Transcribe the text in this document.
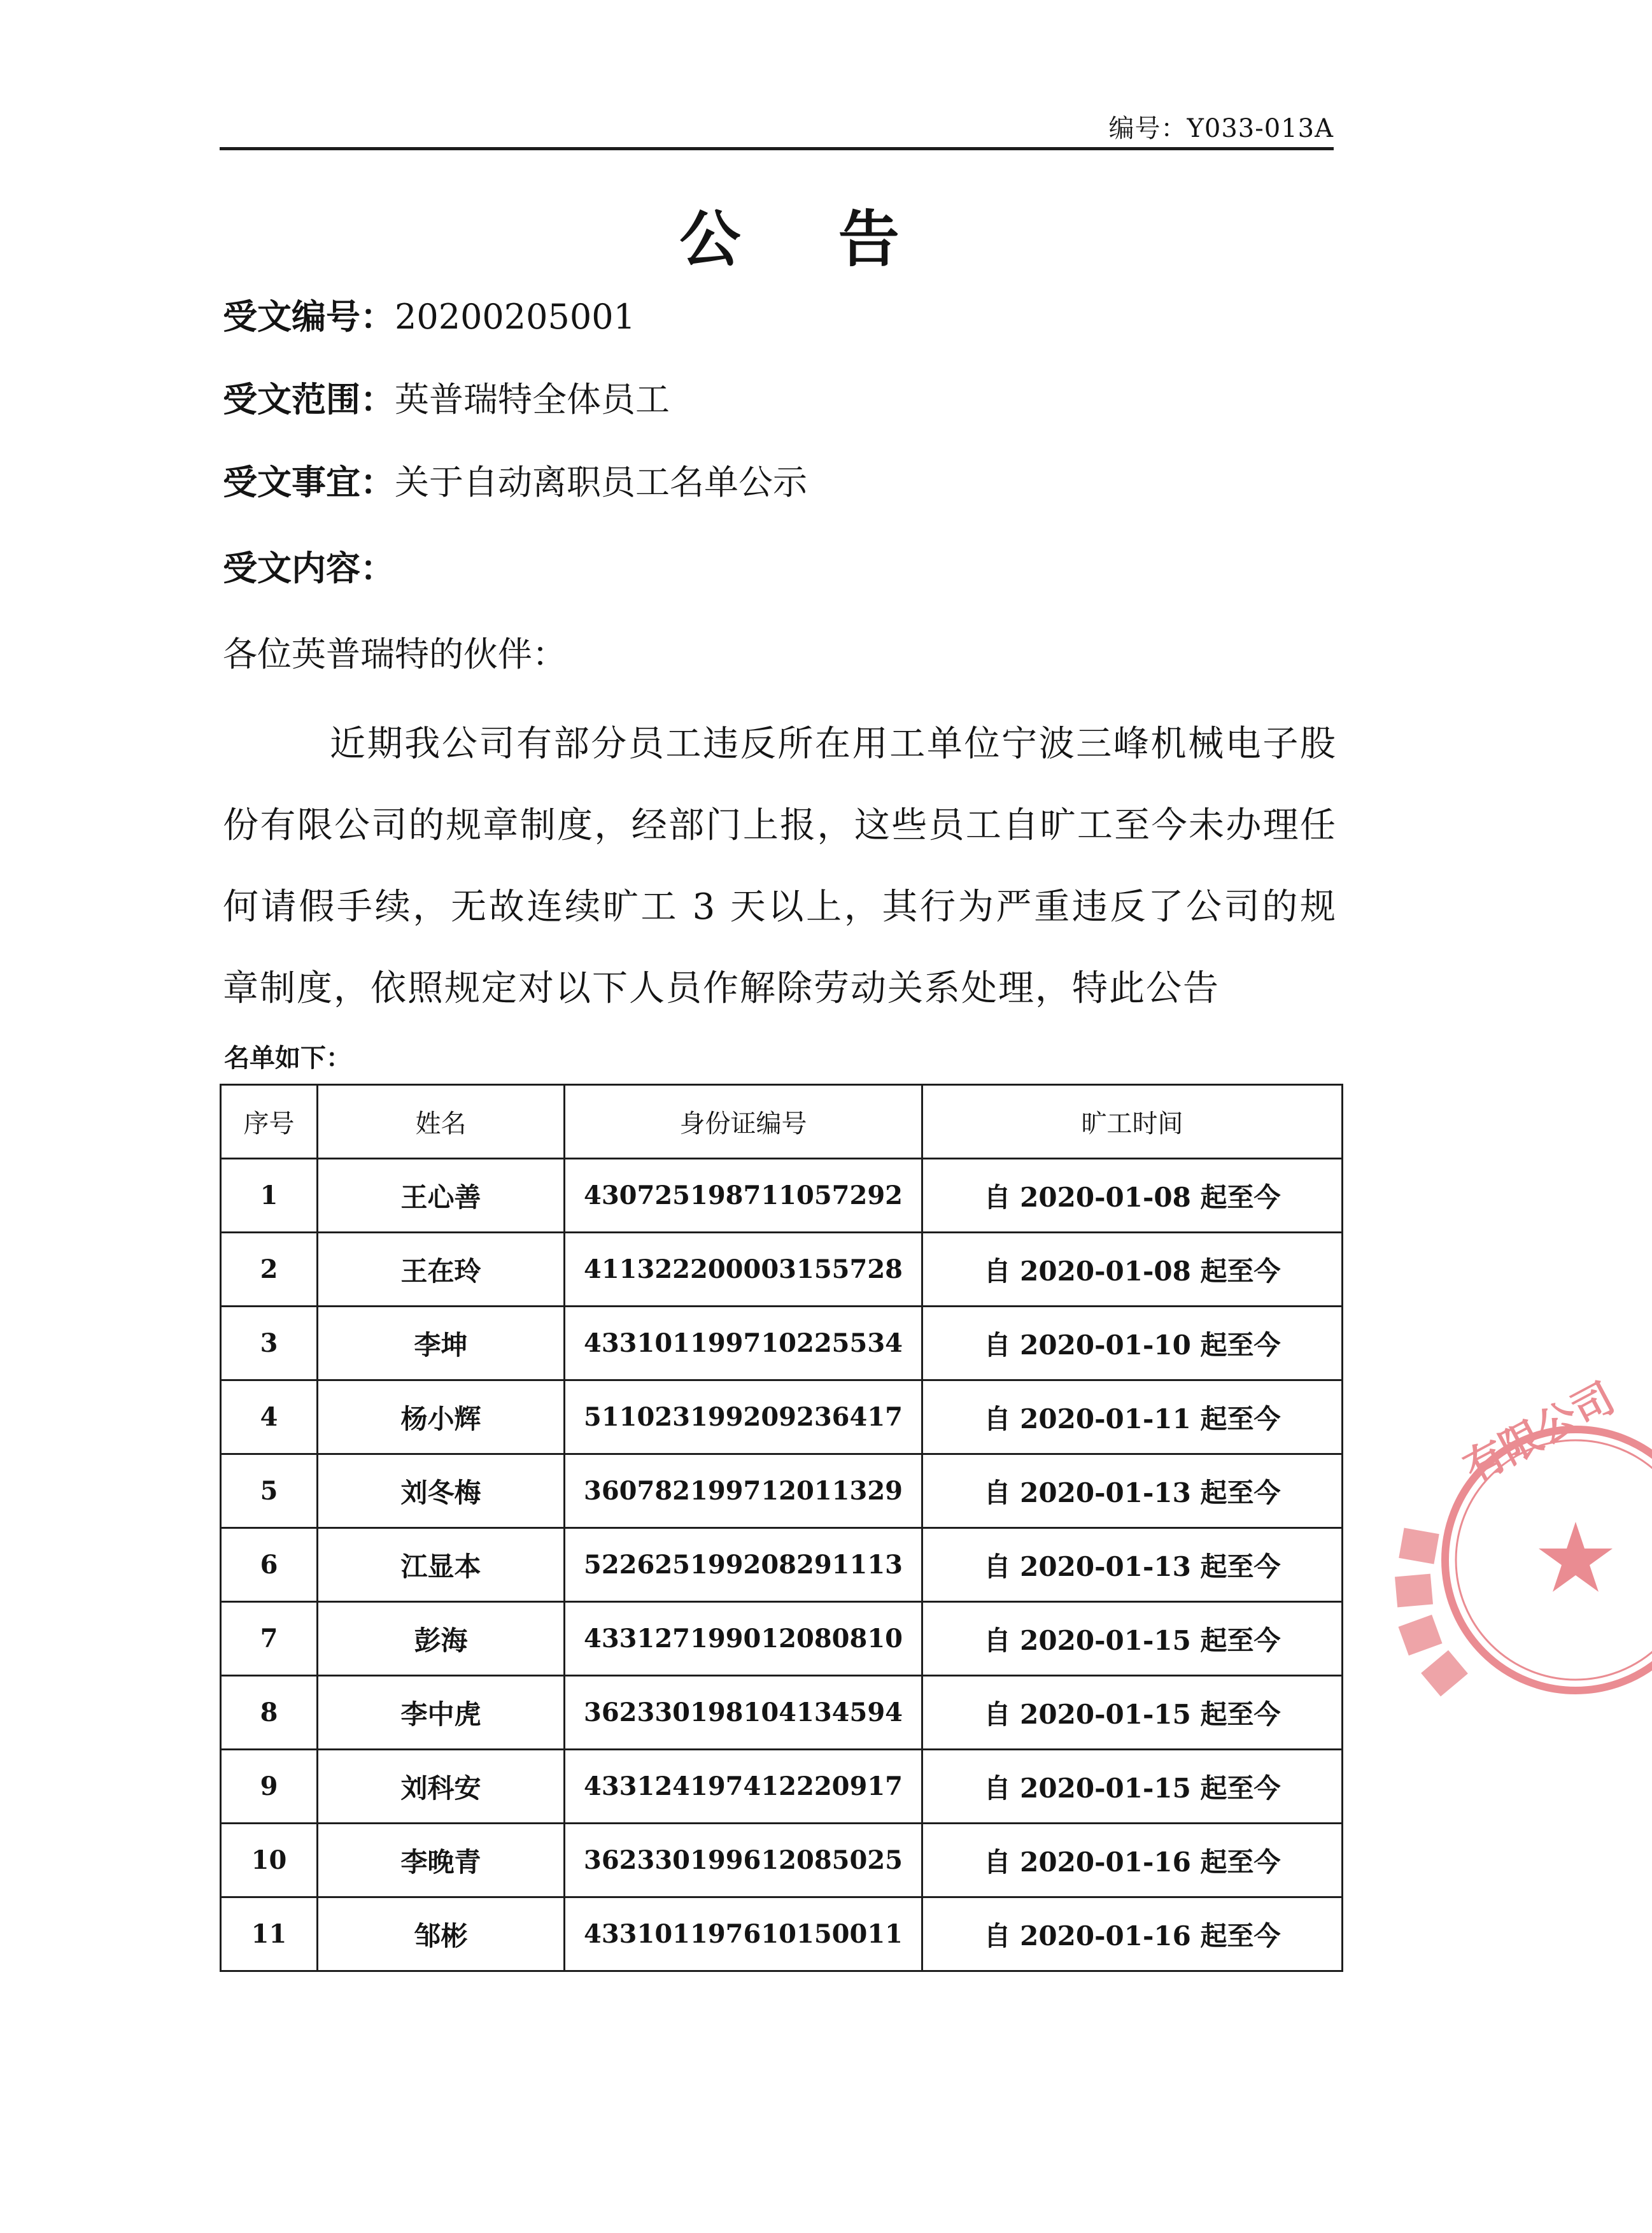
编号：Y033-013A
公 告
受文编号：20200205001
受文范围：英普瑞特全体员工
受文事宜：关于自动离职员工名单公示
受文内容：
各位英普瑞特的伙伴：
近期我公司有部分员工违反所在用工单位宁波三峰机械电子股份有限公司的规章制度，经部门上报，这些员工自旷工至今未办理任何请假手续，无故连续旷工 3 天以上，其行为严重违反了公司的规章制度，依照规定对以下人员作解除劳动关系处理，特此公告
名单如下：
序号	姓名	身份证编号	旷工时间
1	王心善	430725198711057292	自 2020-01-08 起至今
2	王在玲	411322200003155728	自 2020-01-08 起至今
3	李坤	433101199710225534	自 2020-01-10 起至今
4	杨小辉	511023199209236417	自 2020-01-11 起至今
5	刘冬梅	360782199712011329	自 2020-01-13 起至今
6	江显本	522625199208291113	自 2020-01-13 起至今
7	彭海	433127199012080810	自 2020-01-15 起至今
8	李中虎	362330198104134594	自 2020-01-15 起至今
9	刘科安	433124197412220917	自 2020-01-15 起至今
10	李晚青	362330199612085025	自 2020-01-16 起至今
11	邹彬	433101197610150011	自 2020-01-16 起至今
有限公司
